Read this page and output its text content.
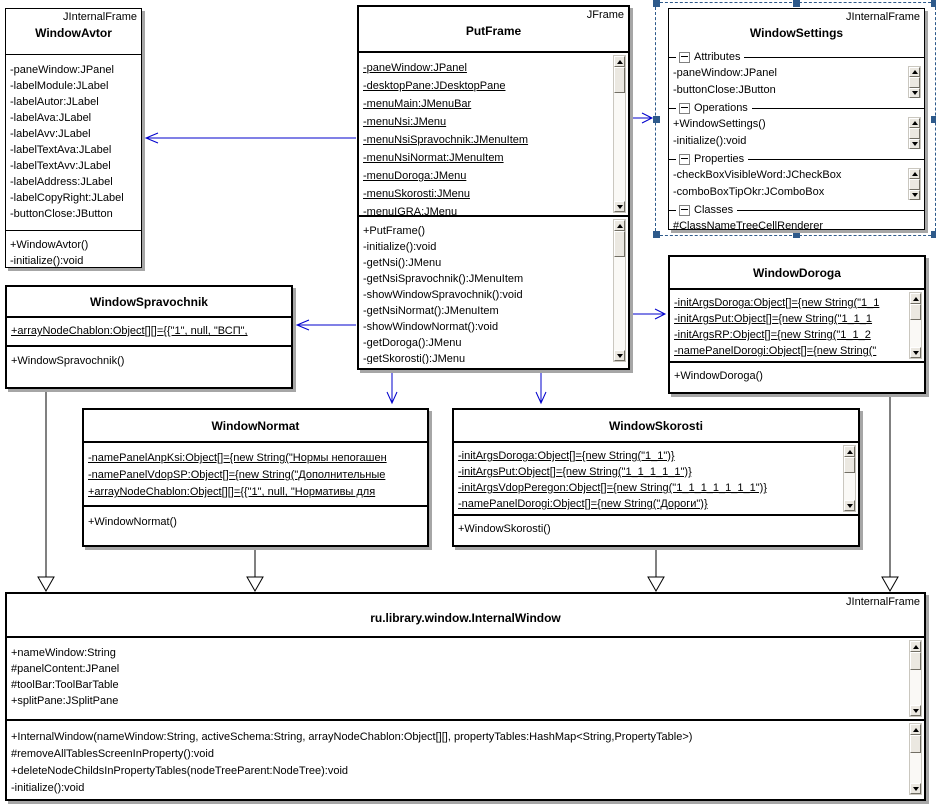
JInternalFrame
WindowAvtor
-paneWindow:JPanel
-labelModule:JLabel
-labelAutor:JLabel
-labelAva:JLabel
-labelAvv:JLabel
-labelTextAva:JLabel
-labelTextAvv:JLabel
-labelAddress:JLabel
-labelCopyRight:JLabel
-buttonClose:JButton
+WindowAvtor()
-initialize():void
JFrame
PutFrame
-paneWindow:JPanel
-desktopPane:JDesktopPane
-menuMain:JMenuBar
-menuNsi:JMenu
-menuNsiSpravochnik:JMenuItem
-menuNsiNormat:JMenuItem
-menuDoroga:JMenu
-menuSkorosti:JMenu
-menuIGRA:JMenu
+PutFrame()
-initialize():void
-getNsi():JMenu
-getNsiSpravochnik():JMenuItem
-showWindowSpravochnik():void
-getNsiNormat():JMenuItem
-showWindowNormat():void
-getDoroga():JMenu
-getSkorosti():JMenu
JInternalFrame
WindowSettings
Attributes
-paneWindow:JPanel
-buttonClose:JButton
Operations
+WindowSettings()
-initialize():void
Properties
-checkBoxVisibleWord:JCheckBox
-comboBoxTipOkr:JComboBox
Classes
#ClassNameTreeCellRenderer
WindowDoroga
-initArgsDoroga:Object[]={new String("1_1
-initArgsPut:Object[]={new String("1_1_1
-initArgsRP:Object[]={new String("1_1_2
-namePanelDorogi:Object[]={new String("
+WindowDoroga()
WindowSpravochnik
+arrayNodeChablon:Object[][]={{"1", null, "ВСП",
+WindowSpravochnik()
WindowNormat
-namePanelAnpKsi:Object[]={new String("Нормы непогашен
-namePanelVdopSP:Object[]={new String("Дополнительные
+arrayNodeChablon:Object[][]={{"1", null, "Нормативы для
+WindowNormat()
WindowSkorosti
-initArgsDoroga:Object[]={new String("1_1")}
-initArgsPut:Object[]={new String("1_1_1_1_1")}
-initArgsVdopPeregon:Object[]={new String("1_1_1_1_1_1_1")}
-namePanelDorogi:Object[]={new String("Дороги")}
+WindowSkorosti()
JInternalFrame
ru.library.window.InternalWindow
+nameWindow:String
#panelContent:JPanel
#toolBar:ToolBarTable
+splitPane:JSplitPane
+InternalWindow(nameWindow:String, activeSchema:String, arrayNodeChablon:Object[][], propertyTables:HashMap<String,PropertyTable>)
#removeAllTablesScreenInProperty():void
+deleteNodeChildsInPropertyTables(nodeTreeParent:NodeTree):void
-initialize():void
